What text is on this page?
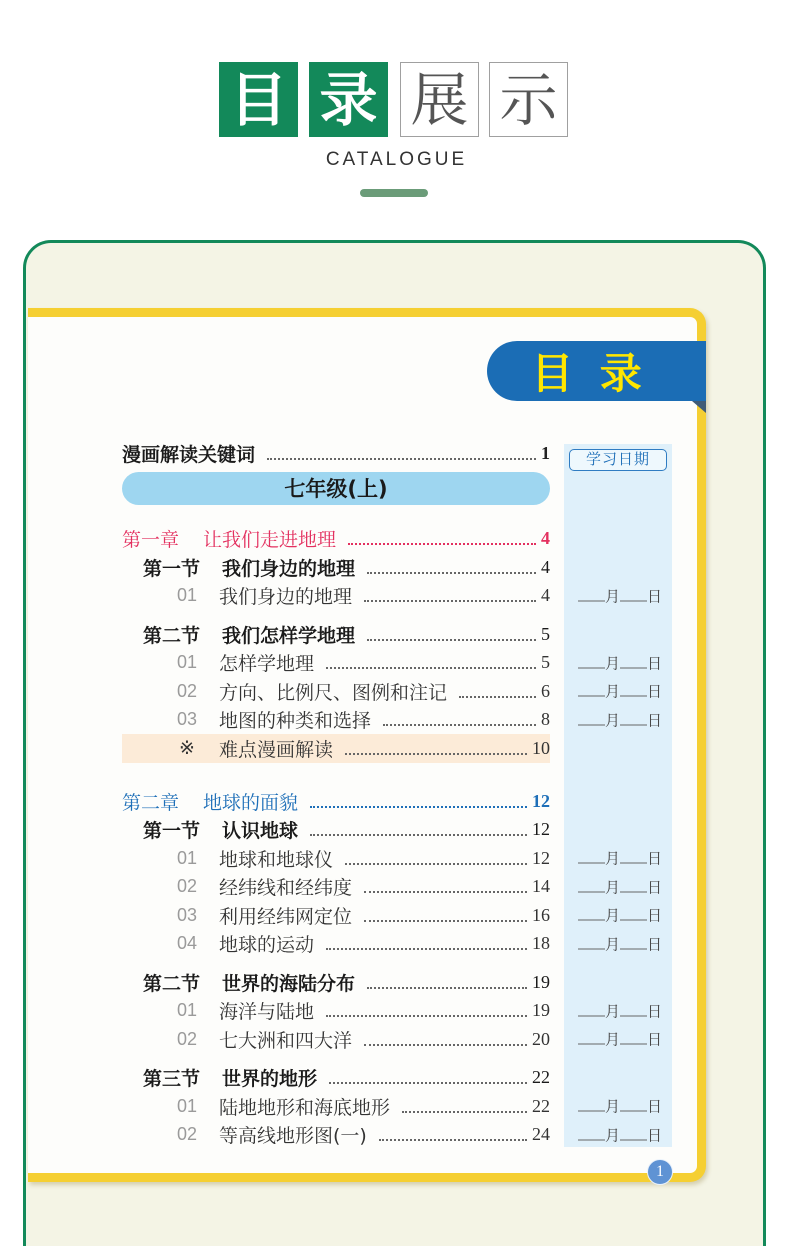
目 录 展 示
CATALOGUE
学习日期
目 录
漫画解读关键词	1
七年级(上)
第一章	让我们走进地理	4
第一节	我们身边的地理	4
01	我们身边的地理	4	月 日
第二节	我们怎样学地理	5
01	怎样学地理	5	月 日
02	方向、比例尺、图例和注记	6	月 日
03	地图的种类和选择	8	月 日
※	难点漫画解读	10
第二章	地球的面貌	12
第一节	认识地球	12
01	地球和地球仪	12	月 日
02	经纬线和经纬度	14	月 日
03	利用经纬网定位	16	月 日
04	地球的运动	18	月 日
第二节	世界的海陆分布	19
01	海洋与陆地	19	月 日
02	七大洲和四大洋	20	月 日
第三节	世界的地形	22
01	陆地地形和海底地形	22	月 日
02	等高线地形图(一)	24	月 日
1
